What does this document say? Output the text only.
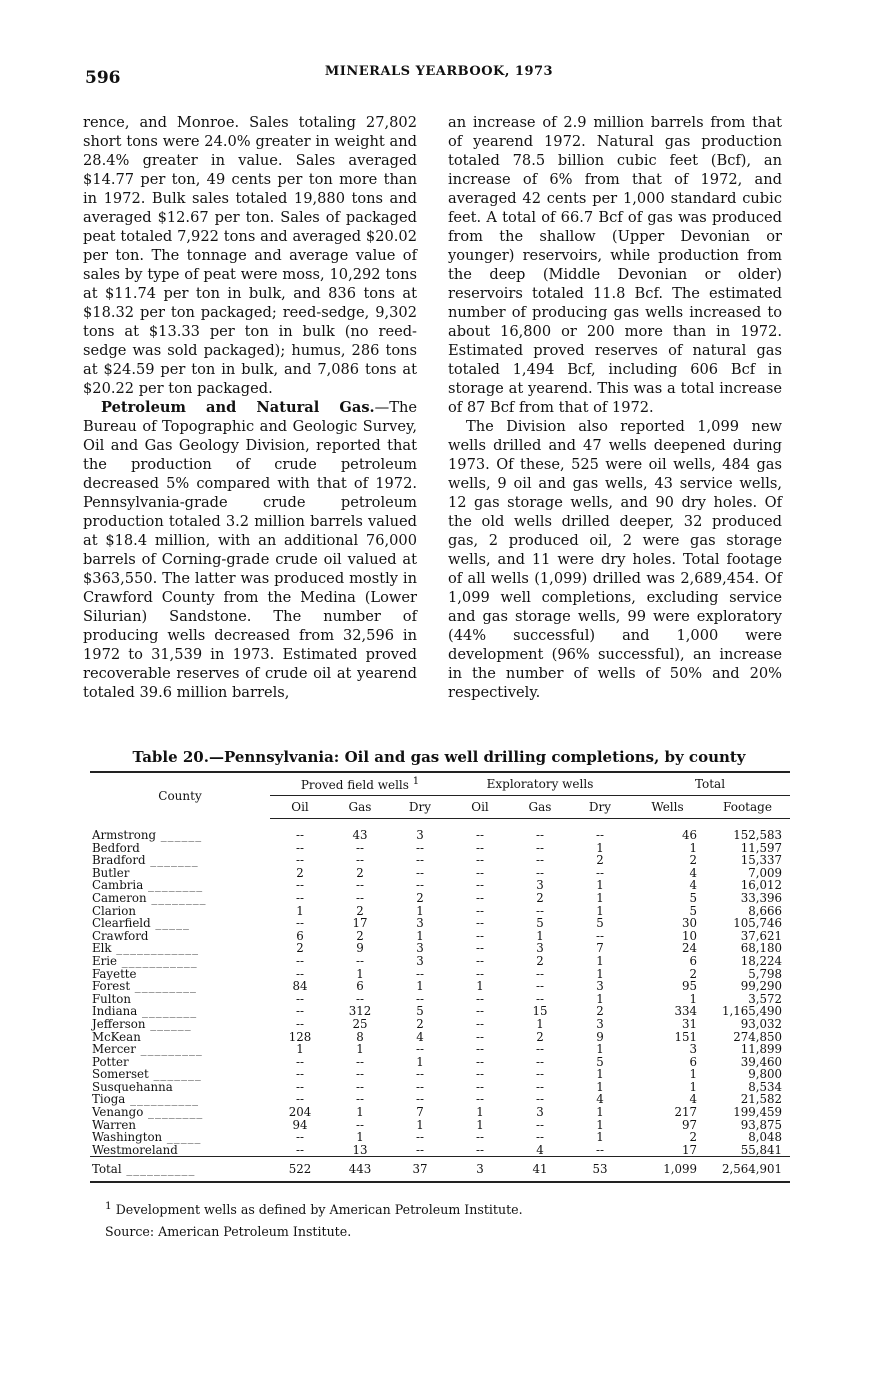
596	MINERALS YEARBOOK, 1973

rence, and Monroe. Sales totaling 27,802 short tons were 24.0% greater in weight and 28.4% greater in value. Sales averaged $14.77 per ton, 49 cents per ton more than in 1972. Bulk sales totaled 19,880 tons and averaged $12.67 per ton. Sales of packaged peat totaled 7,922 tons and averaged $20.02 per ton. The tonnage and average value of sales by type of peat were moss, 10,292 tons at $11.74 per ton in bulk, and 836 tons at $18.32 per ton packaged; reed-sedge, 9,302 tons at $13.33 per ton in bulk (no reed-sedge was sold packaged); humus, 286 tons at $24.59 per ton in bulk, and 7,086 tons at $20.22 per ton packaged.

Petroleum and Natural Gas.—The Bureau of Topographic and Geologic Survey, Oil and Gas Geology Division, reported that the production of crude petroleum decreased 5% compared with that of 1972. Pennsylvania-grade crude petroleum production totaled 3.2 million barrels valued at $18.4 million, with an additional 76,000 barrels of Corning-grade crude oil valued at $363,550. The latter was produced mostly in Crawford County from the Medina (Lower Silurian) Sandstone. The number of producing wells decreased from 32,596 in 1972 to 31,539 in 1973. Estimated proved recoverable reserves of crude oil at yearend totaled 39.6 million barrels,

an increase of 2.9 million barrels from that of yearend 1972. Natural gas production totaled 78.5 billion cubic feet (Bcf), an increase of 6% from that of 1972, and averaged 42 cents per 1,000 standard cubic feet. A total of 66.7 Bcf of gas was produced from the shallow (Upper Devonian or younger) reservoirs, while production from the deep (Middle Devonian or older) reservoirs totaled 11.8 Bcf. The estimated number of producing gas wells increased to about 16,800 or 200 more than in 1972. Estimated proved reserves of natural gas totaled 1,494 Bcf, including 606 Bcf in storage at yearend. This was a total increase of 87 Bcf from that of 1972.

The Division also reported 1,099 new wells drilled and 47 wells deepened during 1973. Of these, 525 were oil wells, 484 gas wells, 9 oil and gas wells, 43 service wells, 12 gas storage wells, and 90 dry holes. Of the old wells drilled deeper, 32 produced gas, 2 produced oil, 2 were gas storage wells, and 11 were dry holes. Total footage of all wells (1,099) drilled was 2,689,454. Of 1,099 well completions, excluding service and gas storage wells, 99 were exploratory (44% successful) and 1,000 were development (96% successful), an increase in the number of wells of 50% and 20% respectively.

Table 20.—Pennsylvania: Oil and gas well drilling completions, by county
County	Proved field wells $^1$			Exploratory wells			Total	
	Oil	Gas	Dry	Oil	Gas	Dry	Wells	Footage
Armstrong ______	--	43	3	--	--	--	46	152,583
Bedford ________	--	--	--	--	--	1	1	11,597
Bradford _______	--	--	--	--	--	2	2	15,337
Butler _________	2	2	--	--	--	--	4	7,009
Cambria ________	--	--	--	--	3	1	4	16,012
Cameron ________	--	--	2	--	2	1	5	33,396
Clarion ________	1	2	1	--	--	1	5	8,666
Clearfield _____	--	17	3	--	5	5	30	105,746
Crawford _______	6	2	1	--	1	--	10	37,621
Elk ____________	2	9	3	--	3	7	24	68,180
Erie ___________	--	--	3	--	2	1	6	18,224
Fayette ________	--	1	--	--	--	1	2	5,798
Forest _________	84	6	1	1	--	3	95	99,290
Fulton _________	--	--	--	--	--	1	1	3,572
Indiana ________	--	312	5	--	15	2	334	1,165,490
Jefferson ______	--	25	2	--	1	3	31	93,032
McKean _________	128	8	4	--	2	9	151	274,850
Mercer _________	1	1	--	--	--	1	3	11,899
Potter _________	--	--	1	--	--	5	6	39,460
Somerset _______	--	--	--	--	--	1	1	9,800
Susquehanna ____	--	--	--	--	--	1	1	8,534
Tioga __________	--	--	--	--	--	4	4	21,582
Venango ________	204	1	7	1	3	1	217	199,459
Warren _________	94	--	1	1	--	1	97	93,875
Washington _____	--	1	--	--	--	1	2	8,048
Westmoreland ___	--	13	--	--	4	--	17	55,841
Total __________	522	443	37	3	41	53	1,099	2,564,901
$^1$ Development wells as defined by American Petroleum Institute.
Source: American Petroleum Institute.
